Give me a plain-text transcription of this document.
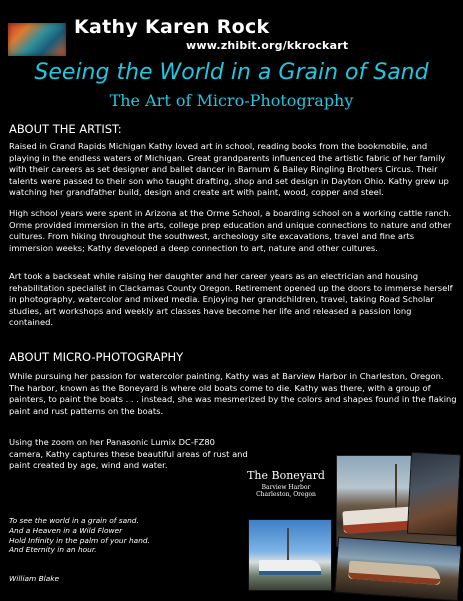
Kathy Karen Rock
www.zhibit.org/kkrockart
Seeing the World in a Grain of Sand
The Art of Micro-Photography
ABOUT THE ARTIST:
Raised in Grand Rapids Michigan Kathy loved art in school, reading books from the bookmobile, and playing in the endless waters of Michigan. Great grandparents influenced the artistic fabric of her family with their careers as set designer and ballet dancer in Barnum & Bailey Ringling Brothers Circus. Their talents were passed to their son who taught drafting, shop and set design in Dayton Ohio. Kathy grew up watching her grandfather build, design and create art with paint, wood, copper and steel.
High school years were spent in Arizona at the Orme School, a boarding school on a working cattle ranch. Orme provided immersion in the arts, college prep education and unique connections to nature and other cultures. From hiking throughout the southwest, archeology site excavations, travel and fine arts immersion weeks; Kathy developed a deep connection to art, nature and other cultures.
Art took a backseat while raising her daughter and her career years as an electrician and housing rehabilitation specialist in Clackamas County Oregon. Retirement opened up the doors to immerse herself in photography, watercolor and mixed media. Enjoying her grandchildren, travel, taking Road Scholar studies, art workshops and weekly art classes have become her life and released a passion long contained.
ABOUT MICRO-PHOTOGRAPHY
While pursuing her passion for watercolor painting, Kathy was at Barview Harbor in Charleston, Oregon. The harbor, known as the Boneyard is where old boats come to die. Kathy was there, with a group of painters, to paint the boats . . . instead, she was mesmerized by the colors and shapes found in the flaking paint and rust patterns on the boats.
Using the zoom on her Panasonic Lumix DC-FZ80 camera, Kathy captures these beautiful areas of rust and paint created by age, wind and water.
To see the world in a grain of sand.
And a Heaven in a Wild Flower
Hold Infinity in the palm of your hand.
And Eternity in an hour.
William Blake
The Boneyard
Barview Harbor
Charleston, Oregon
